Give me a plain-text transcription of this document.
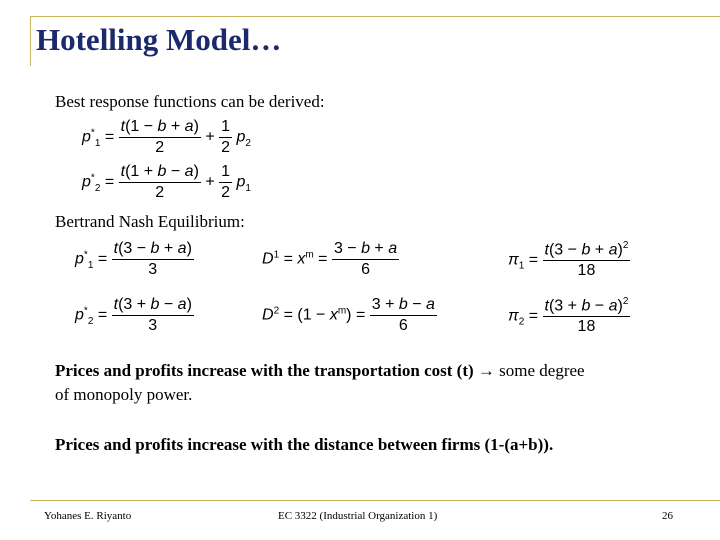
Hotelling Model…
Best response functions can be derived:
$p^*_1 = \frac{t(1 - b + a)}{2} + \frac{1}{2} p_2$
$p^*_2 = \frac{t(1 + b - a)}{2} + \frac{1}{2} p_1$
Bertrand Nash Equilibrium:
$p^*_1 = \frac{t(3 - b + a)}{3}$
$p^*_2 = \frac{t(3 + b - a)}{3}$
$D^1 = x^m = \frac{3 - b + a}{6}$
$D^2 = (1 - x^m) = \frac{3 + b - a}{6}$
$\pi_1 = \frac{t(3 - b + a)^2}{18}$
$\pi_2 = \frac{t(3 + b - a)^2}{18}$
Prices and profits increase with the transportation cost (t) → some degree
of monopoly power.
Prices and profits increase with the distance between firms (1-(a+b)).
Yohanes E. Riyanto	EC 3322 (Industrial Organization 1)	26
